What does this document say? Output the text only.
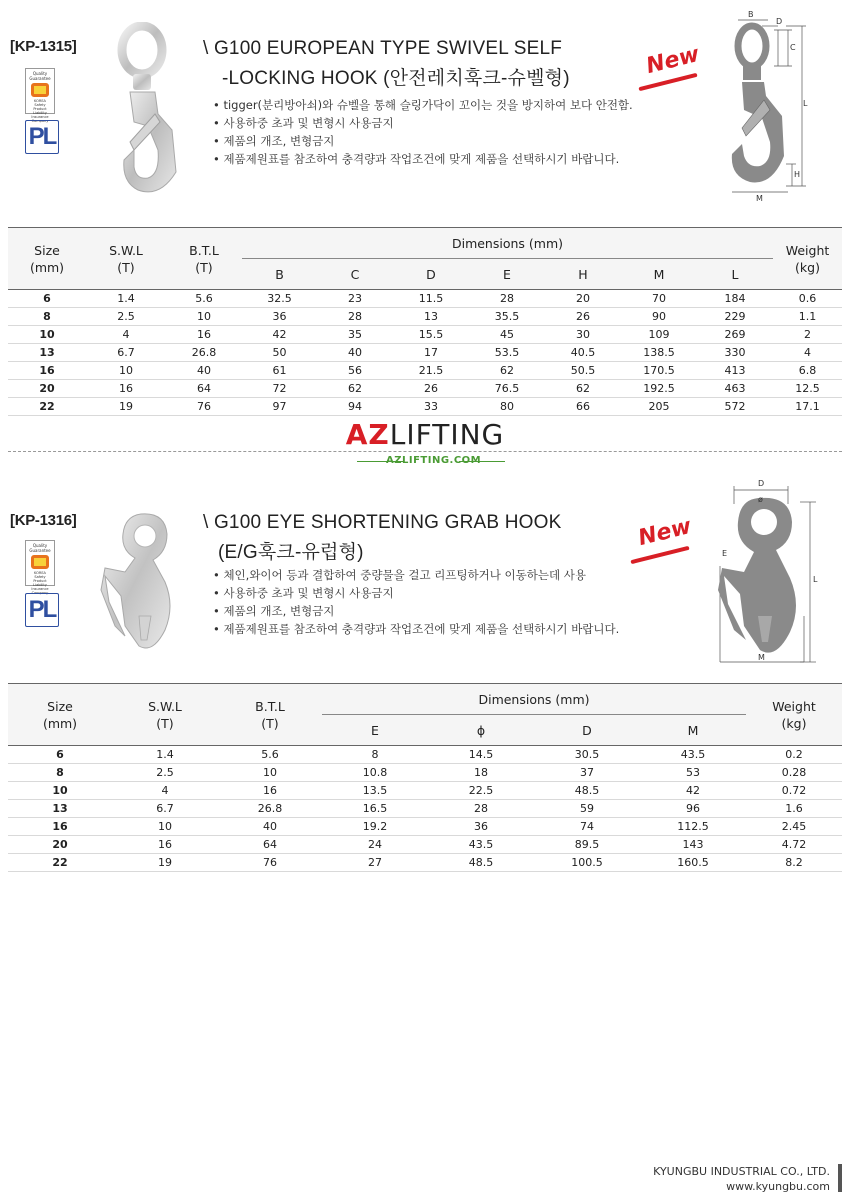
[KP-1315]
Quality Guarantee
KOREA Safety Product
Liability Insurance
Company
PL
\ G100 EUROPEAN TYPE SWIVEL SELF
-LOCKING HOOK (안전레치훅크-슈벨형)	New
• tigger(분리방아쇠)와 슈벨을 통해 슬링가닥이 꼬이는 것을 방지하여 보다 안전함.
• 사용하중 초과 및 변형시 사용금지
• 제품의 개조, 변형금지
• 제품제원표를 참조하여 충격량과 작업조건에 맞게 제품을 선택하시기 바랍니다.
B
D
C
L
E
H
M
Size
(mm)	S.W.L
(T)	B.T.L
(T)	Dimensions (mm)							Weight
(kg)
			B	C	D	E	H	M	L	
6	1.4	5.6	32.5	23	11.5	28	20	70	184	0.6
8	2.5	10	36	28	13	35.5	26	90	229	1.1
10	4	16	42	35	15.5	45	30	109	269	2
13	6.7	26.8	50	40	17	53.5	40.5	138.5	330	4
16	10	40	61	56	21.5	62	50.5	170.5	413	6.8
20	16	64	72	62	26	76.5	62	192.5	463	12.5
22	19	76	97	94	33	80	66	205	572	17.1
AZLIFTING
AZLIFTING.COM
[KP-1316]
Quality Guarantee
KOREA Safety Product
Liability Insurance
Company
PL
\ G100 EYE SHORTENING GRAB HOOK
(E/G훅크-유럽형)
New
• 체인,와이어 등과 결합하여 중량물을 걸고 리프팅하거나 이동하는데 사용
• 사용하중 초과 및 변형시 사용금지
• 제품의 개조, 변형금지
• 제품제원표를 참조하여 충격량과 작업조건에 맞게 제품을 선택하시기 바랍니다.
D
ø
E
L
M
Size
(mm)	S.W.L
(T)	B.T.L
(T)	Dimensions (mm)				Weight
(kg)
			E	ϕ	D	M	
6	1.4	5.6	8	14.5	30.5	43.5	0.2
8	2.5	10	10.8	18	37	53	0.28
10	4	16	13.5	22.5	48.5	42	0.72
13	6.7	26.8	16.5	28	59	96	1.6
16	10	40	19.2	36	74	112.5	2.45
20	16	64	24	43.5	89.5	143	4.72
22	19	76	27	48.5	100.5	160.5	8.2
KYUNGBU INDUSTRIAL CO., LTD.
www.kyungbu.com
